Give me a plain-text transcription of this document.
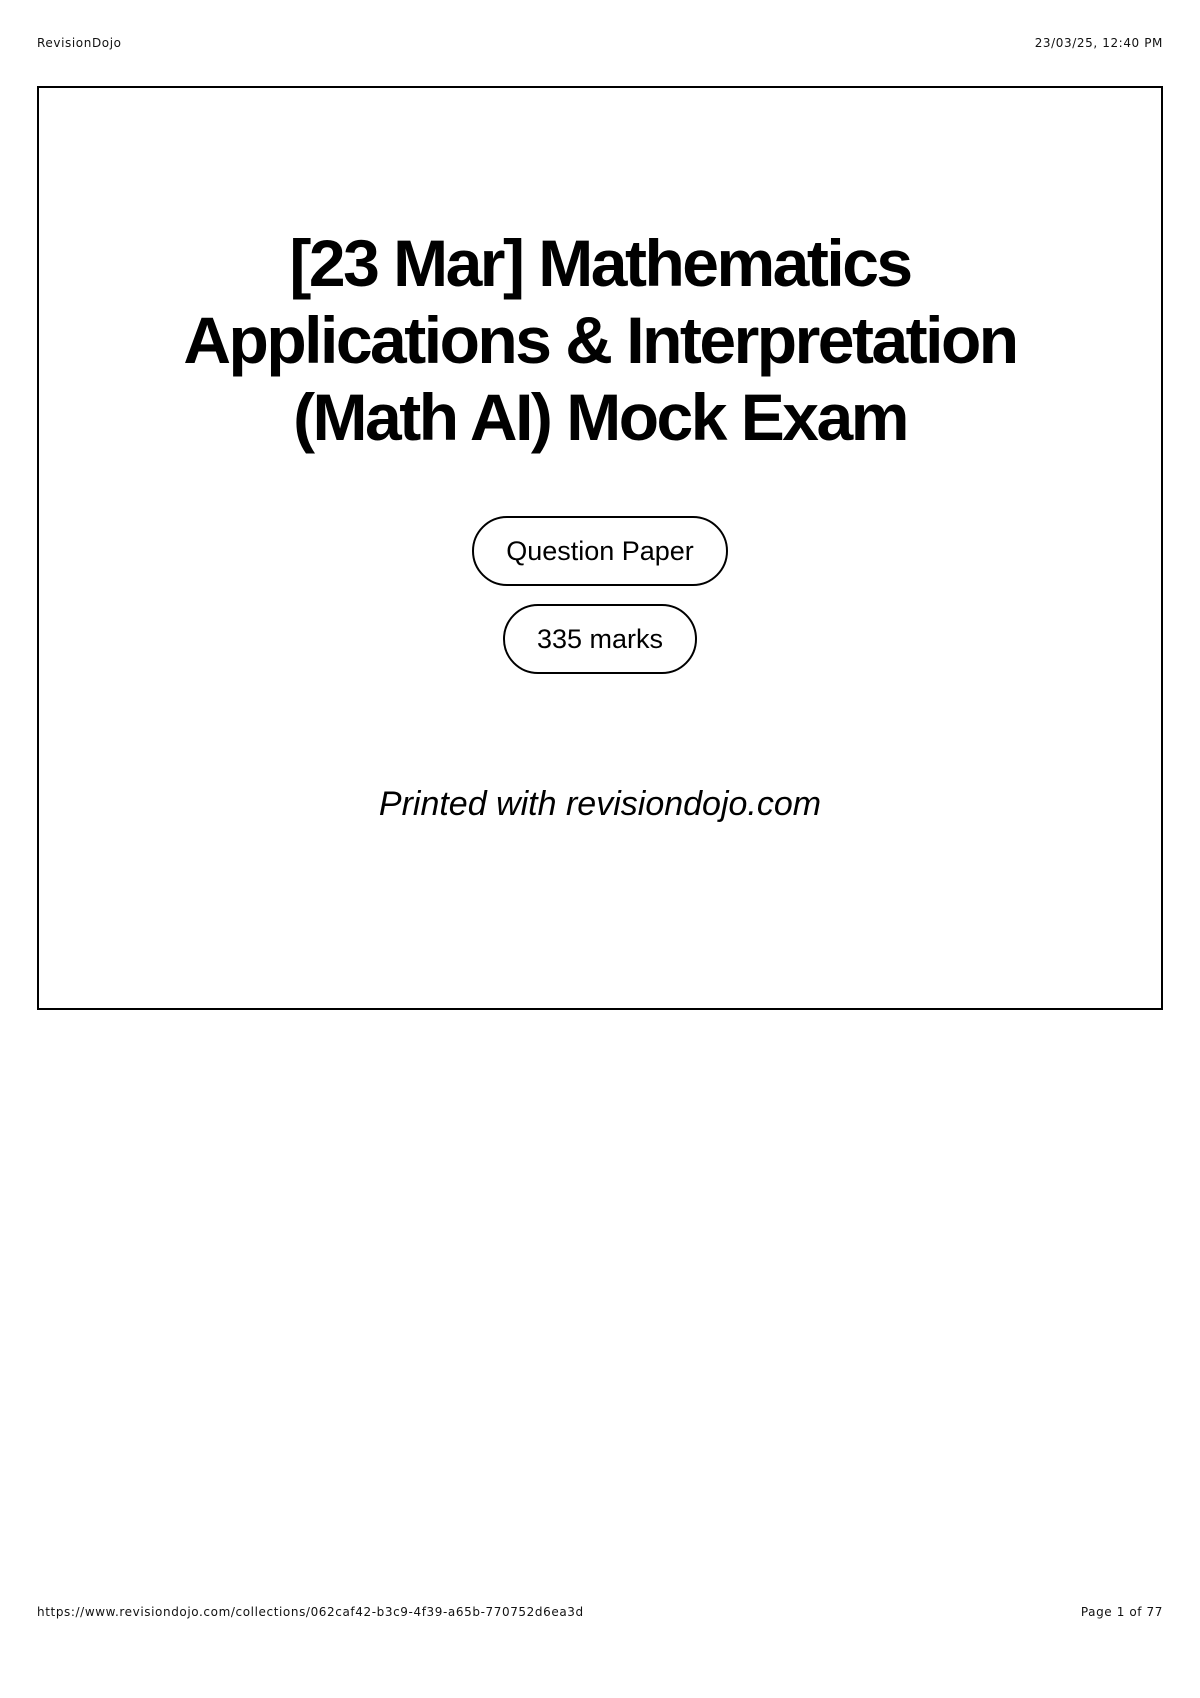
RevisionDojo	23/03/25, 12:40 PM
[23 Mar] Mathematics
Applications & Interpretation
(Math AI) Mock Exam
Question Paper
335 marks
Printed with revisiondojo.com
https://www.revisiondojo.com/collections/062caf42-b3c9-4f39-a65b-770752d6ea3d	Page 1 of 77
